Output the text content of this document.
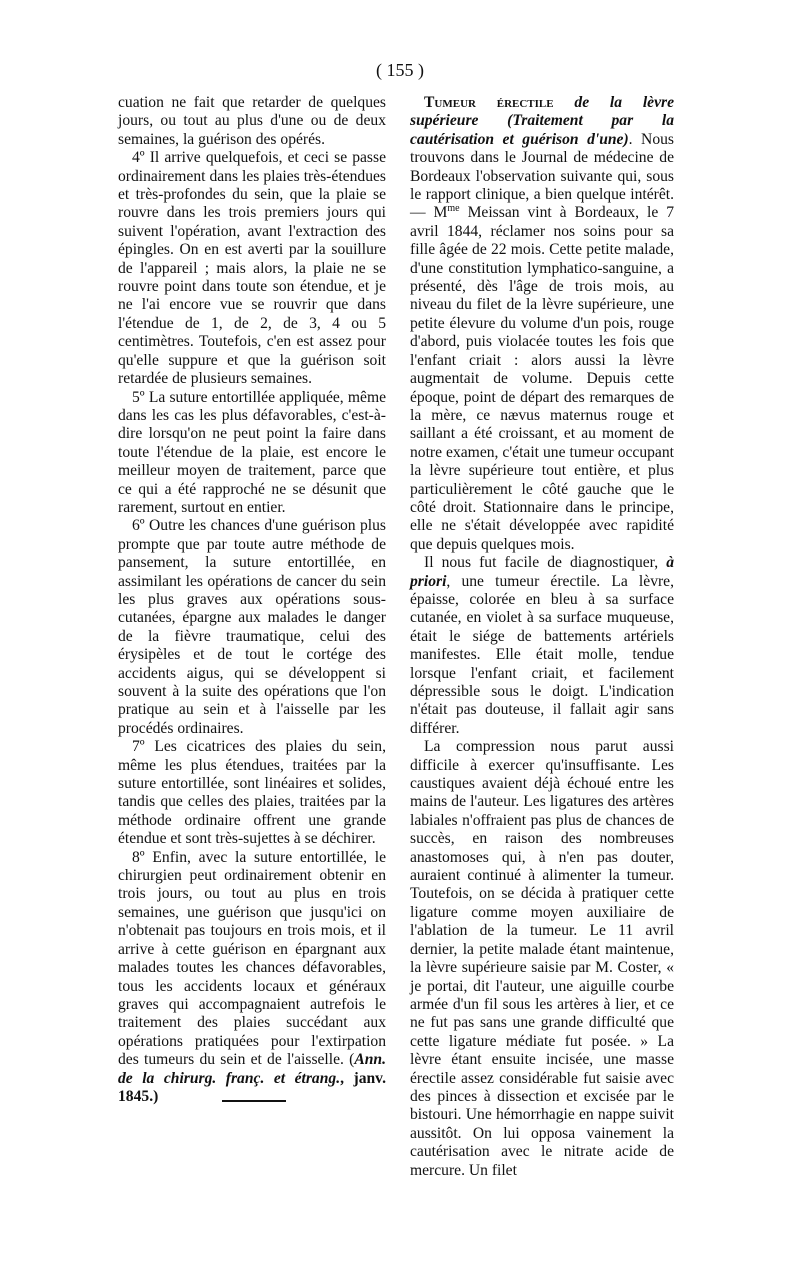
( 155 )

cuation ne fait que retarder de quelques jours, ou tout au plus d'une ou de deux semaines, la guérison des opérés.

4º Il arrive quelquefois, et ceci se passe ordinairement dans les plaies très-étendues et très-profondes du sein, que la plaie se rouvre dans les trois premiers jours qui suivent l'opération, avant l'extraction des épingles. On en est averti par la souillure de l'appareil ; mais alors, la plaie ne se rouvre point dans toute son étendue, et je ne l'ai encore vue se rouvrir que dans l'étendue de 1, de 2, de 3, 4 ou 5 centimètres. Toutefois, c'en est assez pour qu'elle suppure et que la guérison soit retardée de plusieurs semaines.

5º La suture entortillée appliquée, même dans les cas les plus défavorables, c'est-à-dire lorsqu'on ne peut point la faire dans toute l'étendue de la plaie, est encore le meilleur moyen de traitement, parce que ce qui a été rapproché ne se désunit que rarement, surtout en entier.

6º Outre les chances d'une guérison plus prompte que par toute autre méthode de pansement, la suture entortillée, en assimilant les opérations de cancer du sein les plus graves aux opérations sous-cutanées, épargne aux malades le danger de la fièvre traumatique, celui des érysipèles et de tout le cortége des accidents aigus, qui se développent si souvent à la suite des opérations que l'on pratique au sein et à l'aisselle par les procédés ordinaires.

7º Les cicatrices des plaies du sein, même les plus étendues, traitées par la suture entortillée, sont linéaires et solides, tandis que celles des plaies, traitées par la méthode ordinaire offrent une grande étendue et sont très-sujettes à se déchirer.

8º Enfin, avec la suture entortillée, le chirurgien peut ordinairement obtenir en trois jours, ou tout au plus en trois semaines, une guérison que jusqu'ici on n'obtenait pas toujours en trois mois, et il arrive à cette guérison en épargnant aux malades toutes les chances défavorables, tous les accidents locaux et généraux graves qui accompagnaient autrefois le traitement des plaies succédant aux opérations pratiquées pour l'extirpation des tumeurs du sein et de l'aisselle. (Ann. de la chirurg. franç. et étrang., janv. 1845.)

Tumeur érectile de la lèvre supérieure (Traitement par la cautérisation et guérison d'une). Nous trouvons dans le Journal de médecine de Bordeaux l'observation suivante qui, sous le rapport clinique, a bien quelque intérêt. — $M^{me}$ Meissan vint à Bordeaux, le 7 avril 1844, réclamer nos soins pour sa fille âgée de 22 mois. Cette petite malade, d'une constitution lymphatico-sanguine, a présenté, dès l'âge de trois mois, au niveau du filet de la lèvre supérieure, une petite élevure du volume d'un pois, rouge d'abord, puis violacée toutes les fois que l'enfant criait : alors aussi la lèvre augmentait de volume. Depuis cette époque, point de départ des remarques de la mère, ce nævus maternus rouge et saillant a été croissant, et au moment de notre examen, c'était une tumeur occupant la lèvre supérieure tout entière, et plus particulièrement le côté gauche que le côté droit. Stationnaire dans le principe, elle ne s'était développée avec rapidité que depuis quelques mois.

Il nous fut facile de diagnostiquer, à priori, une tumeur érectile. La lèvre, épaisse, colorée en bleu à sa surface cutanée, en violet à sa surface muqueuse, était le siége de battements artériels manifestes. Elle était molle, tendue lorsque l'enfant criait, et facilement dépressible sous le doigt. L'indication n'était pas douteuse, il fallait agir sans différer.

La compression nous parut aussi difficile à exercer qu'insuffisante. Les caustiques avaient déjà échoué entre les mains de l'auteur. Les ligatures des artères labiales n'offraient pas plus de chances de succès, en raison des nombreuses anastomoses qui, à n'en pas douter, auraient continué à alimenter la tumeur. Toutefois, on se décida à pratiquer cette ligature comme moyen auxiliaire de l'ablation de la tumeur. Le 11 avril dernier, la petite malade étant maintenue, la lèvre supérieure saisie par M. Coster, « je portai, dit l'auteur, une aiguille courbe armée d'un fil sous les artères à lier, et ce ne fut pas sans une grande difficulté que cette ligature médiate fut posée. » La lèvre étant ensuite incisée, une masse érectile assez considérable fut saisie avec des pinces à dissection et excisée par le bistouri. Une hémorrhagie en nappe suivit aussitôt. On lui opposa vainement la cautérisation avec le nitrate acide de mercure. Un filet
